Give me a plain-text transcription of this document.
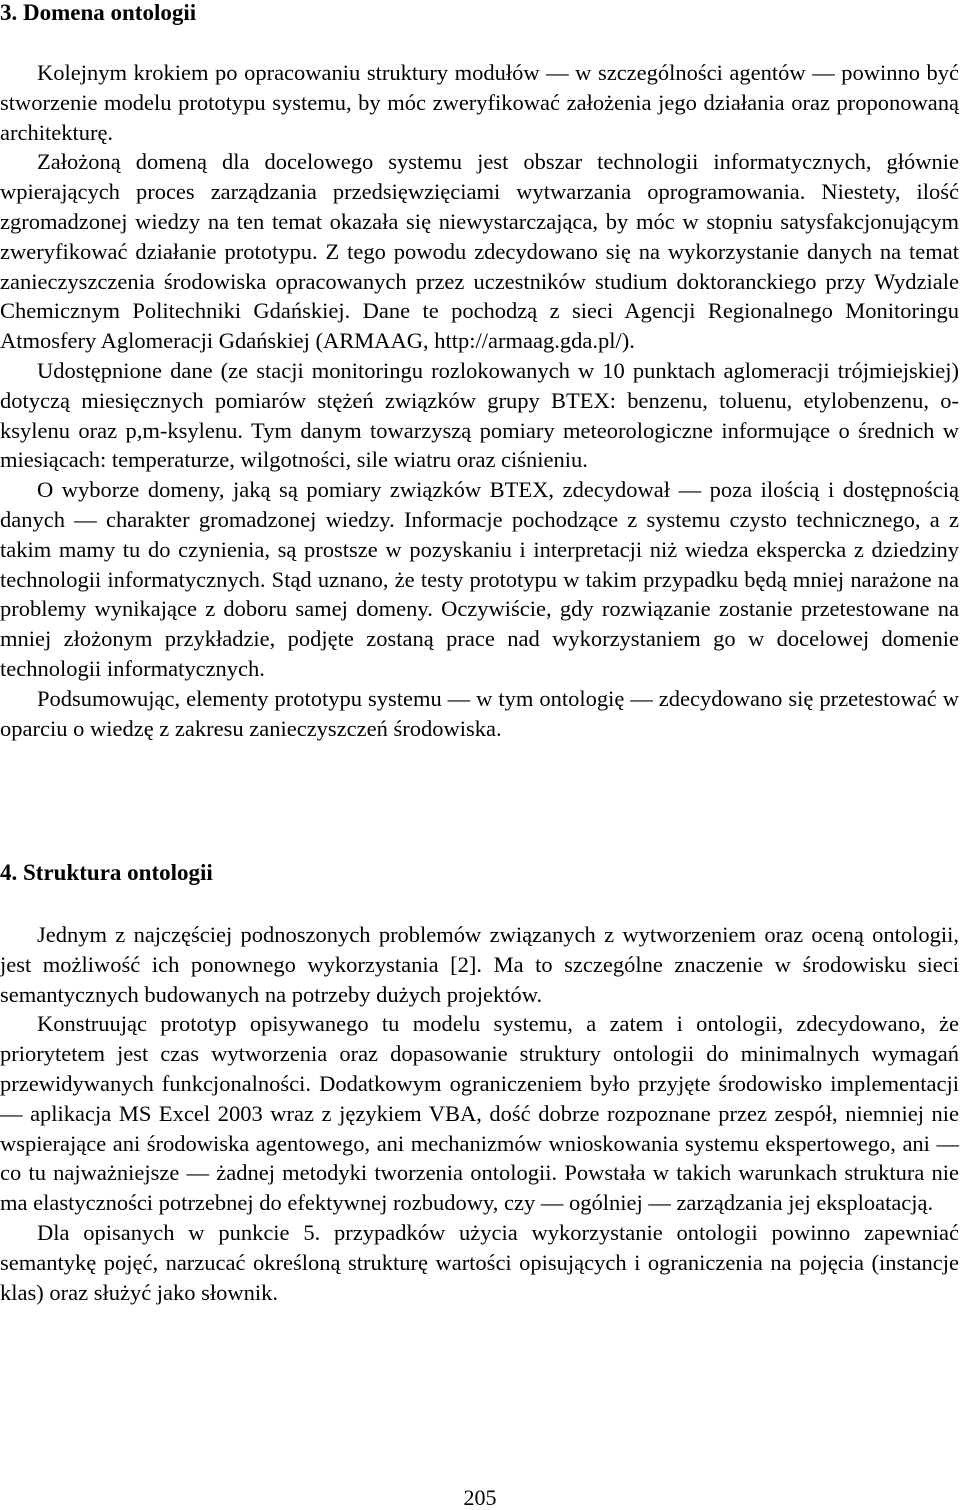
3. Domena ontologii

Kolejnym krokiem po opracowaniu struktury modułów — w szczególności agentów — powinno być stworzenie modelu prototypu systemu, by móc zweryfikować założenia jego działania oraz proponowaną architekturę.

Założoną domeną dla docelowego systemu jest obszar technologii informatycznych, głównie wpierających proces zarządzania przedsięwzięciami wytwarzania oprogramowania. Niestety, ilość zgromadzonej wiedzy na ten temat okazała się niewystarczająca, by móc w stopniu satysfakcjonującym zweryfikować działanie prototypu. Z tego powodu zdecydowano się na wykorzystanie danych na temat zanieczyszczenia środowiska opracowanych przez uczestników studium doktoranckiego przy Wydziale Chemicznym Politechniki Gdańskiej. Dane te pochodzą z sieci Agencji Regionalnego Monitoringu Atmosfery Aglomeracji Gdańskiej (ARMAAG, http://armaag.gda.pl/).

Udostępnione dane (ze stacji monitoringu rozlokowanych w 10 punktach aglomeracji trójmiejskiej) dotyczą miesięcznych pomiarów stężeń związków grupy BTEX: benzenu, toluenu, etylobenzenu, o-ksylenu oraz p,m-ksylenu. Tym danym towarzyszą pomiary meteorologiczne informujące o średnich w miesiącach: temperaturze, wilgotności, sile wiatru oraz ciśnieniu.

O wyborze domeny, jaką są pomiary związków BTEX, zdecydował — poza ilością i dostępnością danych — charakter gromadzonej wiedzy. Informacje pochodzące z systemu czysto technicznego, a z takim mamy tu do czynienia, są prostsze w pozyskaniu i interpretacji niż wiedza ekspercka z dziedziny technologii informatycznych. Stąd uznano, że testy prototypu w takim przypadku będą mniej narażone na problemy wynikające z doboru samej domeny. Oczywiście, gdy rozwiązanie zostanie przetestowane na mniej złożonym przykładzie, podjęte zostaną prace nad wykorzystaniem go w docelowej domenie technologii informatycznych.

Podsumowując, elementy prototypu systemu — w tym ontologię — zdecydowano się przetestować w oparciu o wiedzę z zakresu zanieczyszczeń środowiska.

4. Struktura ontologii

Jednym z najczęściej podnoszonych problemów związanych z wytworzeniem oraz oceną ontologii, jest możliwość ich ponownego wykorzystania [2]. Ma to szczególne znaczenie w środowisku sieci semantycznych budowanych na potrzeby dużych projektów.

Konstruując prototyp opisywanego tu modelu systemu, a zatem i ontologii, zdecydowano, że priorytetem jest czas wytworzenia oraz dopasowanie struktury ontologii do minimalnych wymagań przewidywanych funkcjonalności. Dodatkowym ograniczeniem było przyjęte środowisko implementacji — aplikacja MS Excel 2003 wraz z językiem VBA, dość dobrze rozpoznane przez zespół, niemniej nie wspierające ani środowiska agentowego, ani mechanizmów wnioskowania systemu ekspertowego, ani — co tu najważniejsze — żadnej metodyki tworzenia ontologii. Powstała w takich warunkach struktura nie ma elastyczności potrzebnej do efektywnej rozbudowy, czy — ogólniej — zarządzania jej eksploatacją.

Dla opisanych w punkcie 5. przypadków użycia wykorzystanie ontologii powinno zapewniać semantykę pojęć, narzucać określoną strukturę wartości opisujących i ograniczenia na pojęcia (instancje klas) oraz służyć jako słownik.

205
